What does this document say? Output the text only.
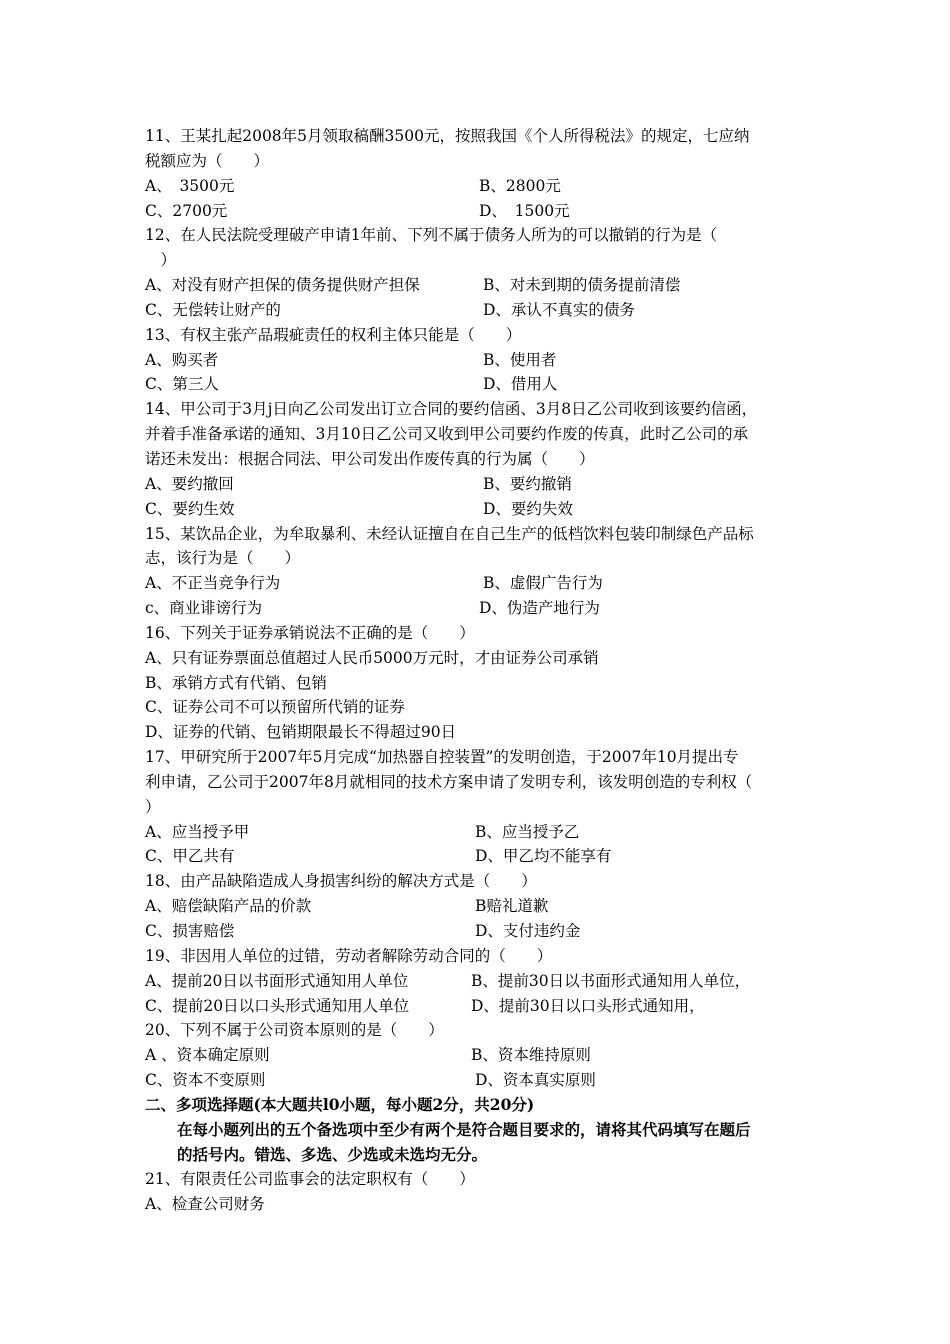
11、王某扎起2008年5月领取稿酬3500元，按照我国《个人所得税法》的规定，七应纳
税额应为（　　）
A、　3500元	B、2800元
C、2700元	D、　1500元
12、在人民法院受理破产申请1年前、下列不属于债务人所为的可以撤销的行为是（
　）
A、对没有财产担保的债务提供财产担保	B、对未到期的债务提前清偿
C、无偿转让财产的	D、承认不真实的债务
13、有权主张产品瑕疵责任的权利主体只能是（　　）
A、购买者	B、使用者
C、第三人	D、借用人
14、甲公司于3月j日向乙公司发出订立合同的要约信函、3月8日乙公司收到该要约信函，
并着手准备承诺的通知、3月10日乙公司又收到甲公司要约作废的传真，此时乙公司的承
诺还未发出：根据合同法、甲公司发出作废传真的行为属（　　）
A、要约撤回	B、要约撤销
C、要约生效	D、要约失效
15、某饮品企业，为牟取暴利、未经认证擅自在自己生产的低档饮料包装印制绿色产品标
志，该行为是（　　）
A、不正当竞争行为	B、虚假广告行为
c、商业诽谤行为	D、伪造产地行为
16、下列关于证券承销说法不正确的是（　　）
A、只有证券票面总值超过人民币5000万元时，才由证券公司承销
B、承销方式有代销、包销
C、证券公司不可以预留所代销的证券
D、证券的代销、包销期限最长不得超过90日
17、甲研究所于2007年5月完成“加热器自控装置”的发明创造，于2007年10月提出专
利申请，乙公司于2007年8月就相同的技术方案申请了发明专利，该发明创造的专利权（
）
A、应当授予甲	B、应当授予乙
C、甲乙共有	D、甲乙均不能享有
18、由产品缺陷造成人身损害纠纷的解决方式是（　　）
A、赔偿缺陷产品的价款	B赔礼道歉
C、损害赔偿	D、支付违约金
19、非因用人单位的过错，劳动者解除劳动合同的（　　）
A、提前20日以书面形式通知用人单位	B、提前30日以书面形式通知用人单位，
C、提前20日以口头形式通知用人单位	D、提前30日以口头形式通知用，
20、下列不属于公司资本原则的是（　　）
A 、资本确定原则	B、资本维持原则
C、资本不变原则	D、资本真实原则
二、多项选择题(本大题共l0小题，每小题2分，共20分)
在每小题列出的五个备选项中至少有两个是符合题目要求的，请将其代码填写在题后
的括号内。错选、多选、少选或未选均无分。
21、有限责任公司监事会的法定职权有（　　）
A、检查公司财务
